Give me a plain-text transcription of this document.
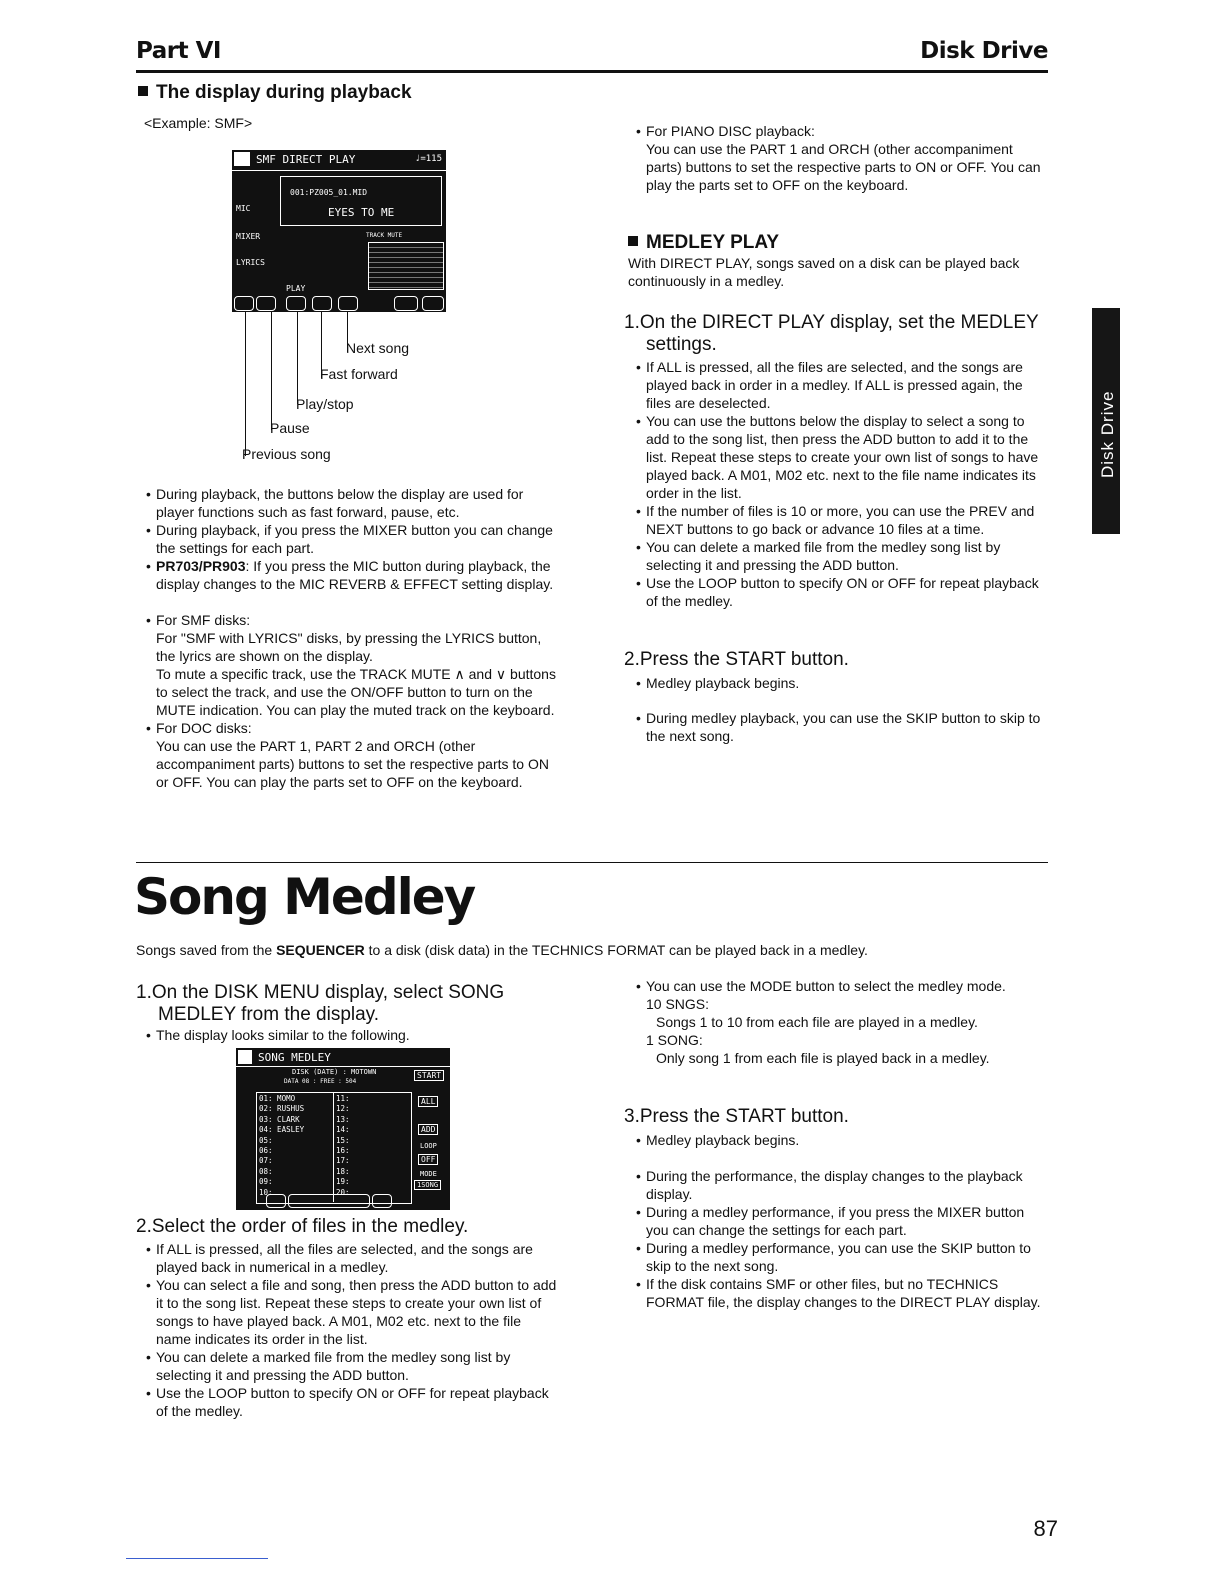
Part VI	Disk Drive
Disk Drive
The display during playback
<Example: SMF>
SMF DIRECT PLAY	♩=115
001:PZ005_01.MID
EYES TO ME
MIC
MIXER
LYRICS
TRACK MUTE
PLAY
Next song
Fast forward
Play/stop
Pause
Previous song

• During playback, the buttons below the display are used for player functions such as fast forward, pause, etc.

• During playback, if you press the MIXER button you can change the settings for each part.

• PR703/PR903: If you press the MIC button during playback, the display changes to the MIC REVERB & EFFECT setting display.

• For SMF disks:

For "SMF with LYRICS" disks, by pressing the LYRICS button, the lyrics are shown on the display.

To mute a specific track, use the TRACK MUTE ∧ and ∨ buttons to select the track, and use the ON/OFF button to turn on the MUTE indication. You can play the muted track on the keyboard.

• For DOC disks:

You can use the PART 1, PART 2 and ORCH (other accompaniment parts) buttons to set the respective parts to ON or OFF. You can play the parts set to OFF on the keyboard.

• For PIANO DISC playback:

You can use the PART 1 and ORCH (other accompaniment parts) buttons to set the respective parts to ON or OFF. You can play the parts set to OFF on the keyboard.

MEDLEY PLAY
With DIRECT PLAY, songs saved on a disk can be played back continuously in a medley.
1.On the DIRECT PLAY display, set the MEDLEY settings.

• If ALL is pressed, all the files are selected, and the songs are played back in order in a medley. If ALL is pressed again, the files are deselected.

• You can use the buttons below the display to select a song to add to the song list, then press the ADD button to add it to the list. Repeat these steps to create your own list of songs to have played back. A M01, M02 etc. next to the file name indicates its order in the list.

• If the number of files is 10 or more, you can use the PREV and NEXT buttons to go back or advance 10 files at a time.

• You can delete a marked file from the medley song list by selecting it and pressing the ADD button.

• Use the LOOP button to specify ON or OFF for repeat playback of the medley.

2.Press the START button.

• Medley playback begins.

• During medley playback, you can use the SKIP button to skip to the next song.

Song Medley
Songs saved from the SEQUENCER to a disk (disk data) in the TECHNICS FORMAT can be played back in a medley.
1.On the DISK MENU display, select SONG MEDLEY from the display.

• The display looks similar to the following.

SONG MEDLEY
DISK (DATE) : MOTOWN
DATA 08 : FREE : 504
01: MOMO
02: RUSHUS
03: CLARK
04: EASLEY
05:
06:
07:
08:
09:
10:
11:
12:
13:
14:
15:
16:
17:
18:
19:
20:
START
ALL
ADD
LOOP
OFF
MODE
1SONG
2.Select the order of files in the medley.

• If ALL is pressed, all the files are selected, and the songs are played back in numerical in a medley.

• You can select a file and song, then press the ADD button to add it to the song list. Repeat these steps to create your own list of songs to have played back. A M01, M02 etc. next to the file name indicates its order in the list.

• You can delete a marked file from the medley song list by selecting it and pressing the ADD button.

• Use the LOOP button to specify ON or OFF for repeat playback of the medley.

• You can use the MODE button to select the medley mode.

10 SNGS:

Songs 1 to 10 from each file are played in a medley.

1 SONG:

Only song 1 from each file is played back in a medley.

3.Press the START button.

• Medley playback begins.

• During the performance, the display changes to the playback display.

• During a medley performance, if you press the MIXER button you can change the settings for each part.

• During a medley performance, you can use the SKIP button to skip to the next song.

• If the disk contains SMF or other files, but no TECHNICS FORMAT file, the display changes to the DIRECT PLAY display.

87
